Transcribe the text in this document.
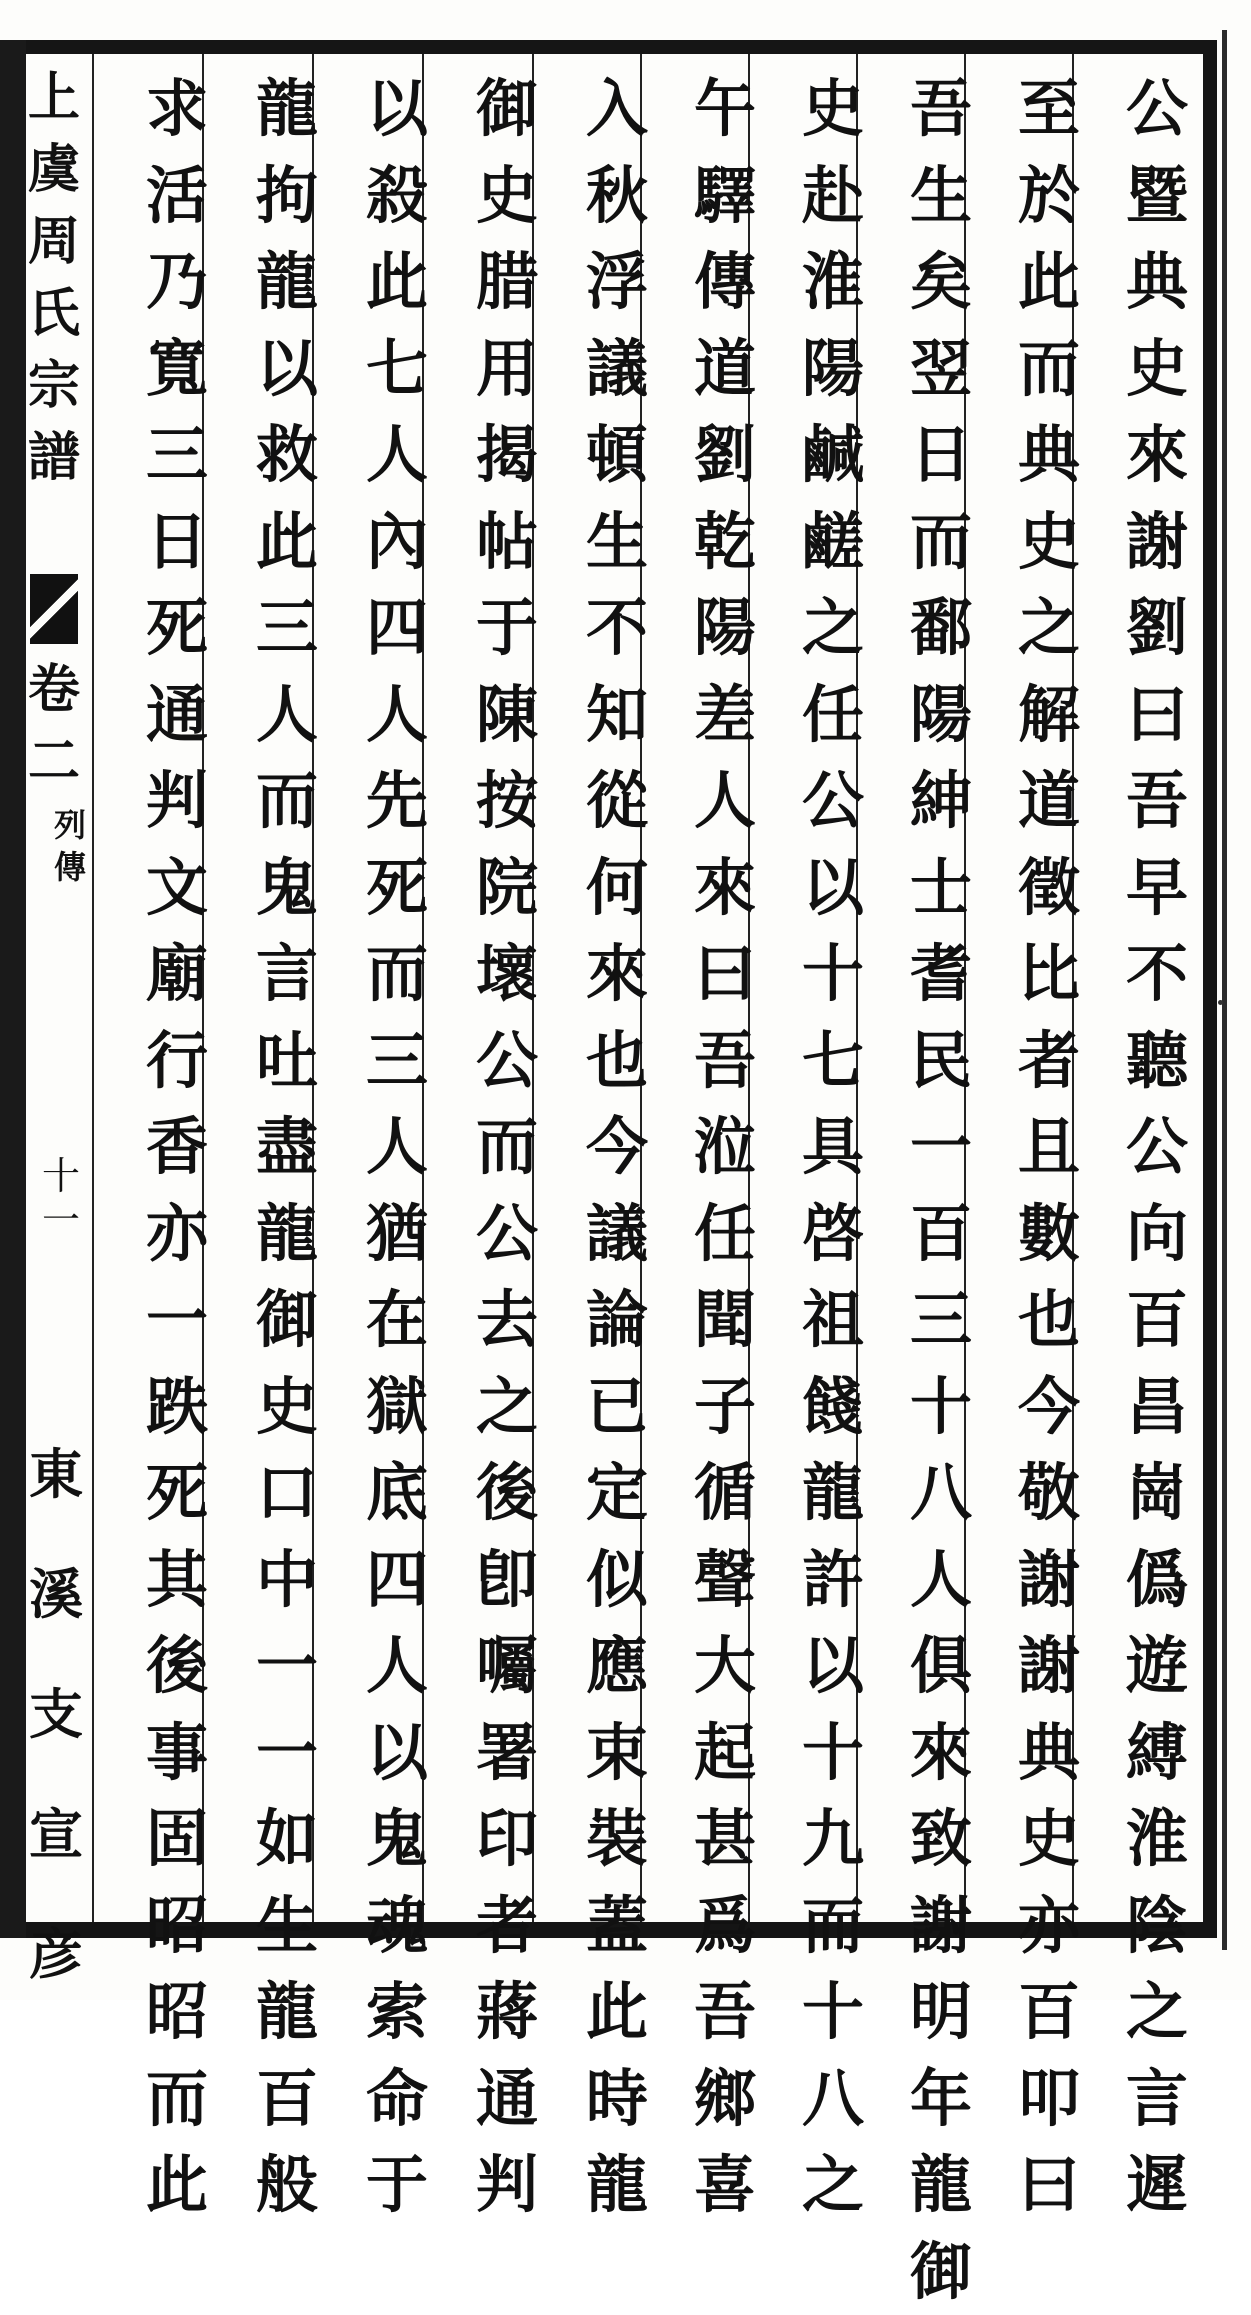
上
虞
周
氏
宗
譜
卷
二
列
傳
十
一
東
溪
支
宣
彦
公
暨
典
史
來
謝
劉
曰
吾
早
不
聽
公
向
百
昌
崗
僞
遊
縛
淮
陰
之
言
遲
至
於
此
而
典
史
之
解
道
徵
比
者
且
數
也
今
敬
謝
謝
典
史
亦
百
叩
曰
吾
生
矣
翌
日
而
鄱
陽
紳
士
耆
民
一
百
三
十
八
人
俱
來
致
謝
明
年
龍
御
史
赴
淮
陽
鹹
鹺
之
任
公
以
十
七
具
啓
祖
餞
龍
許
以
十
九
而
十
八
之
午
驛
傳
道
劉
乾
陽
差
人
來
曰
吾
涖
任
聞
子
循
聲
大
起
甚
爲
吾
鄉
喜
入
秋
浮
議
頓
生
不
知
從
何
來
也
今
議
論
已
定
似
應
束
裝
蓋
此
時
龍
御
史
腊
用
揭
帖
于
陳
按
院
壞
公
而
公
去
之
後
卽
囑
署
印
者
蔣
通
判
以
殺
此
七
人
內
四
人
先
死
而
三
人
猶
在
獄
底
四
人
以
鬼
魂
索
命
于
龍
拘
龍
以
救
此
三
人
而
鬼
言
吐
盡
龍
御
史
口
中
一
一
如
生
龍
百
般
求
活
乃
寬
三
日
死
通
判
文
廟
行
香
亦
一
跌
死
其
後
事
固
昭
昭
而
此
